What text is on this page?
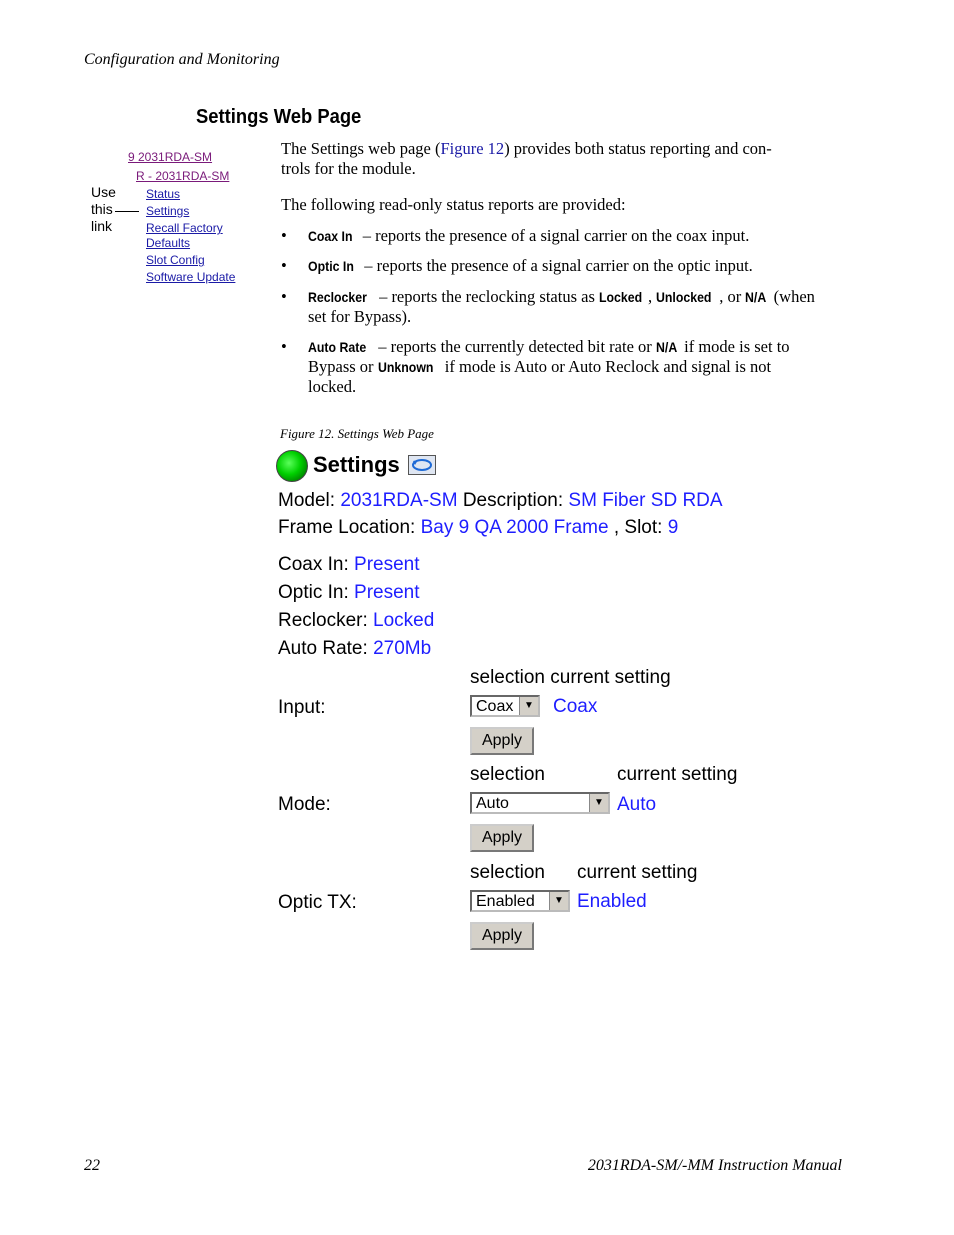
Configuration and Monitoring
Settings Web Page
9 2031RDA-SM
R - 2031RDA-SM
Status
Settings
Recall Factory
Defaults
Slot Config
Software Update
Use
this
link
The Settings web page (Figure 12) provides both status reporting and con-
trols for the module.
The following read-only status reports are provided:
• Coax In – reports the presence of a signal carrier on the coax input.
• Optic In – reports the presence of a signal carrier on the optic input.
• Reclocker – reports the reclocking status as Locked , Unlocked , or N/A (when
set for Bypass).
• Auto Rate – reports the currently detected bit rate or N/A if mode is set to
Bypass or Unknown if mode is Auto or Auto Reclock and signal is not
locked.
Figure 12. Settings Web Page
Settings
Model: 2031RDA-SM Description: SM Fiber SD RDA
Frame Location: Bay 9 QA 2000 Frame , Slot: 9
Coax In: Present
Optic In: Present
Reclocker: Locked
Auto Rate: 270Mb
selection current setting
Input:	Coax	▼ Coax
Apply
selection	current setting
Mode:	Auto	▼ Auto
Apply
selection current setting
Optic TX:	Enabled	▼ Enabled
Apply
22	2031RDA-SM/-MM Instruction Manual
